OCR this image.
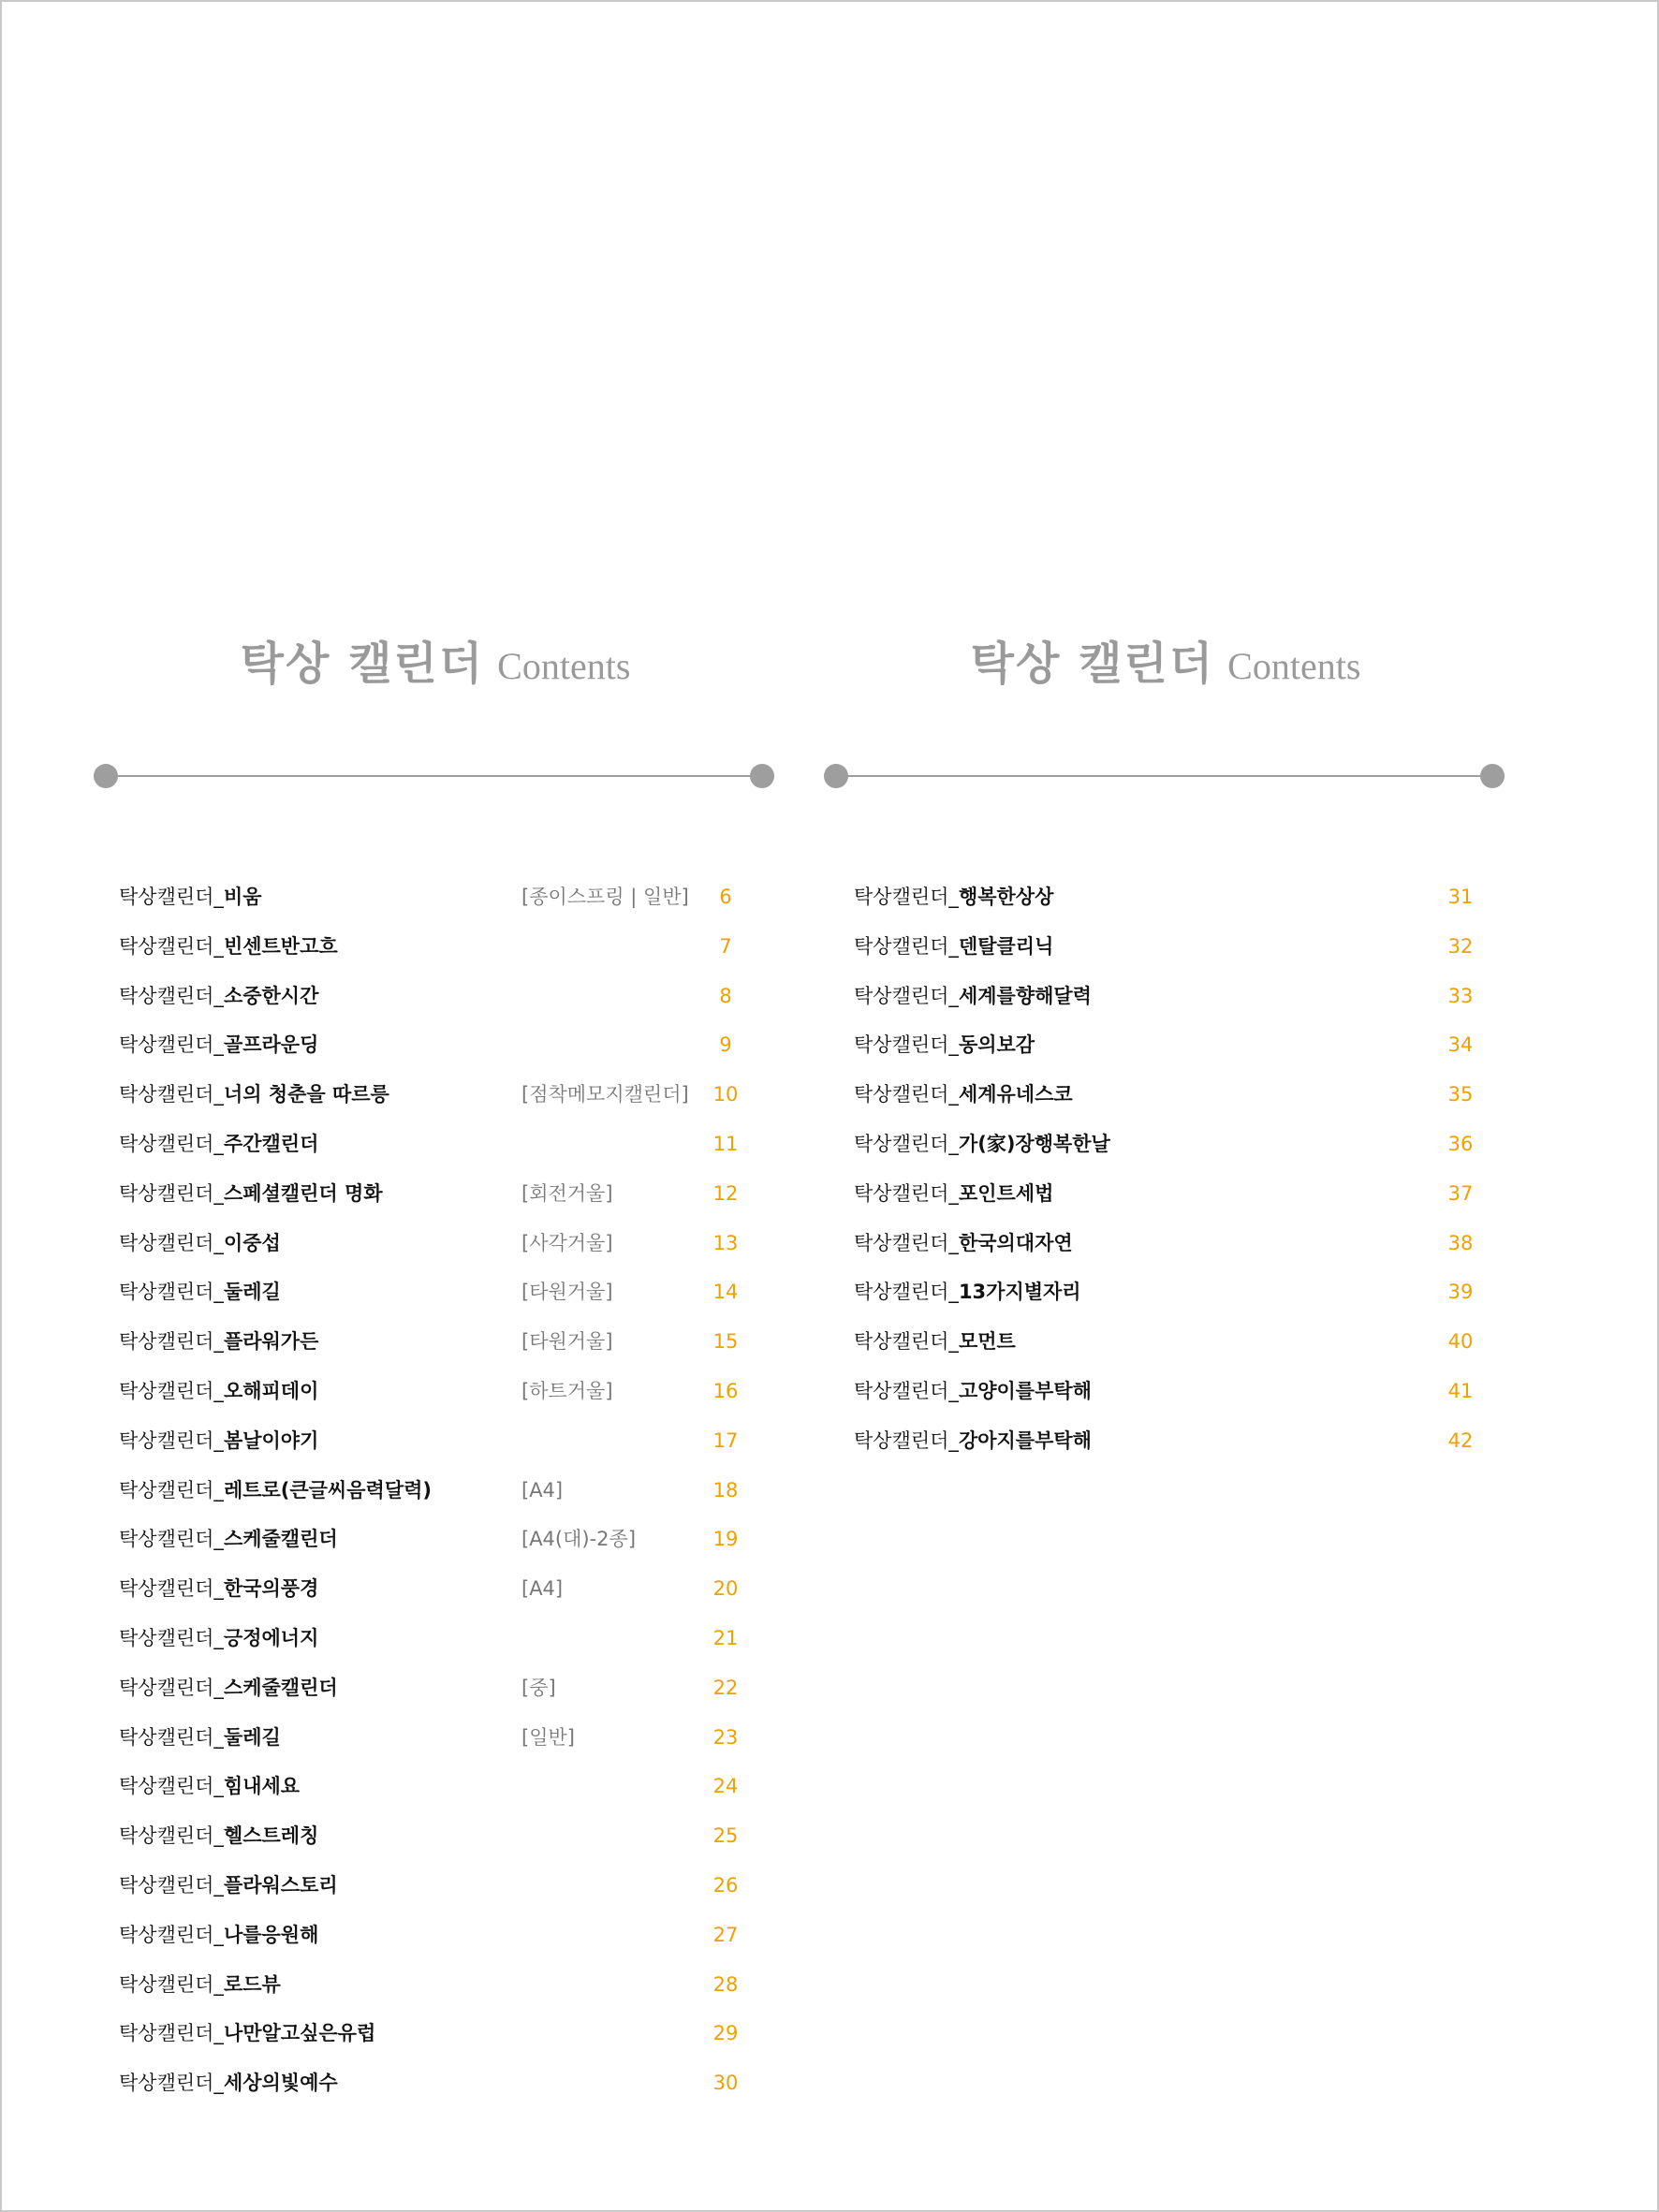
탁상 캘린더 Contents
탁상캘린더_비움	[종이스프링 | 일반]	6
탁상캘린더_빈센트반고흐	7
탁상캘린더_소중한시간	8
탁상캘린더_골프라운딩	9
탁상캘린더_너의 청춘을 따르릉	[점착메모지캘린더]	10
탁상캘린더_주간캘린더	11
탁상캘린더_스페셜캘린더 명화	[회전거울]	12
탁상캘린더_이중섭	[사각거울]	13
탁상캘린더_둘레길	[타원거울]	14
탁상캘린더_플라워가든	[타원거울]	15
탁상캘린더_오해피데이	[하트거울]	16
탁상캘린더_봄날이야기	17
탁상캘린더_레트로(큰글씨음력달력)	[A4]	18
탁상캘린더_스케줄캘린더	[A4(대)-2종]	19
탁상캘린더_한국의풍경	[A4]	20
탁상캘린더_긍정에너지	21
탁상캘린더_스케줄캘린더	[중]	22
탁상캘린더_둘레길	[일반]	23
탁상캘린더_힘내세요	24
탁상캘린더_헬스트레칭	25
탁상캘린더_플라워스토리	26
탁상캘린더_나를응원해	27
탁상캘린더_로드뷰	28
탁상캘린더_나만알고싶은유럽	29
탁상캘린더_세상의빛예수	30
탁상 캘린더 Contents
탁상캘린더_행복한상상	31
탁상캘린더_덴탈클리닉	32
탁상캘린더_세계를향해달력	33
탁상캘린더_동의보감	34
탁상캘린더_세계유네스코	35
탁상캘린더_가(家)장행복한날	36
탁상캘린더_포인트세법	37
탁상캘린더_한국의대자연	38
탁상캘린더_13가지별자리	39
탁상캘린더_모먼트	40
탁상캘린더_고양이를부탁해	41
탁상캘린더_강아지를부탁해	42
